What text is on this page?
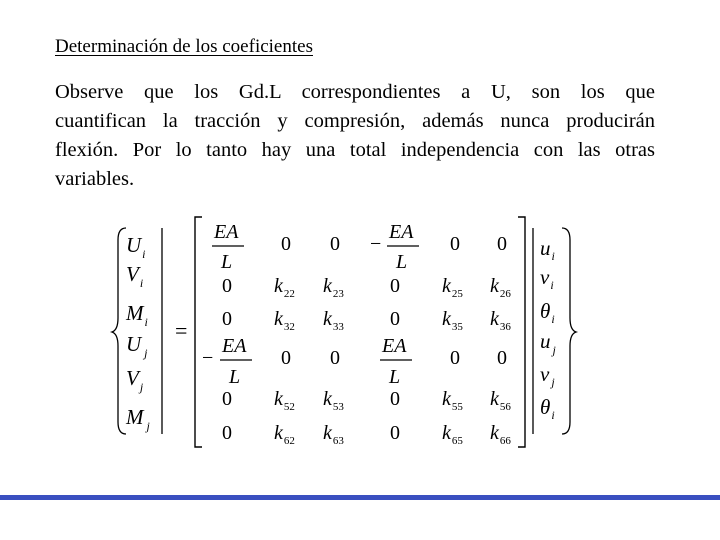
Determinación de los coeficientes
Observe que los Gd.L correspondientes a U, son los que
cuantifican la tracción y compresión, además nunca producirán
flexión. Por lo tanto hay una total independencia con las otras
variables.
=
$U_i$
$V_i$
$M_i$
U $_j$
$V_j$
M $_j$
EA
L
0 0 −
EA
L
0 0
0 $k_{22}$ $k_{23}$ 0 $k_{25}$ $k_{26}$
0 $k_{32}$ $k_{33}$ 0 $k_{35}$ $k_{36}$
−
EA
L
0 0
EA
L
0 0
0 $k_{52}$ $k_{53}$ 0 $k_{55}$ $k_{56}$
0 $k_{62}$ $k_{63}$ 0 $k_{65}$ $k_{66}$
$u_i$
$v_i$
$\theta_i$
u $_j$
v $_j$
$\theta_i$
